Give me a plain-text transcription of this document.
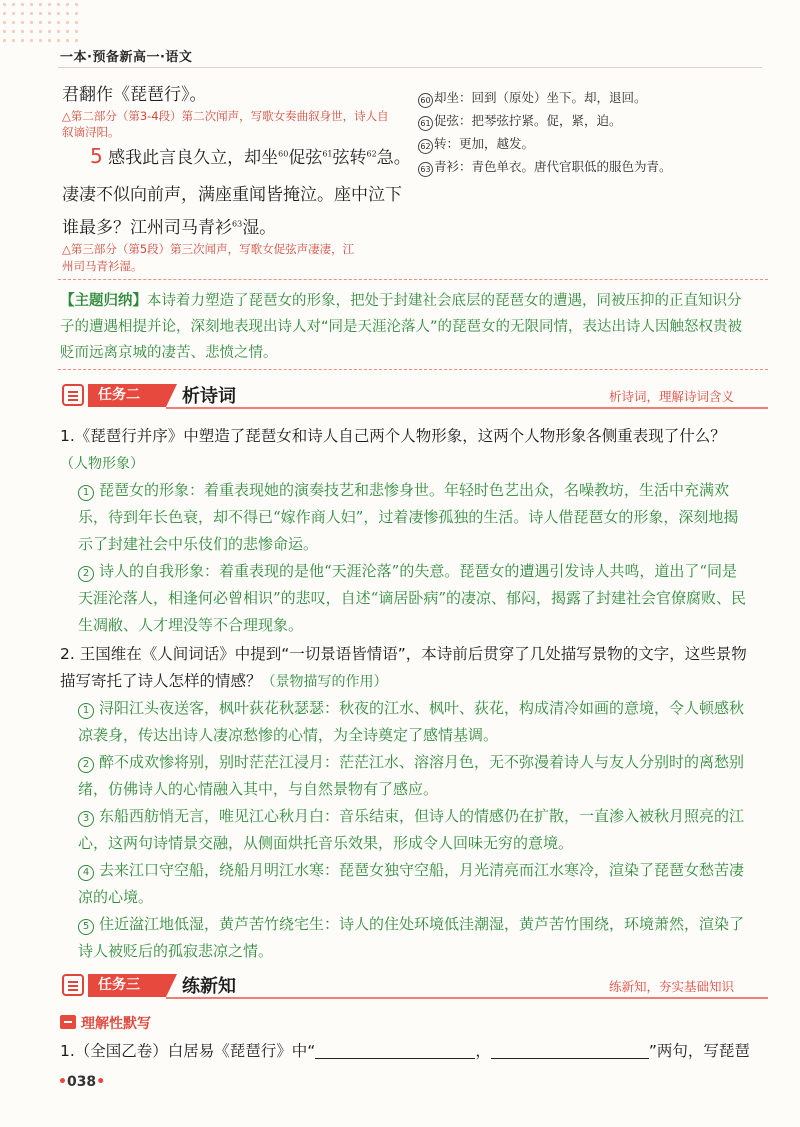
一本·预备新高一·语文
君翻作《琵琶行》。
△第二部分（第3-4段）第二次闻声，写歌女奏曲叙身世，诗人自叙谪浔阳。
5 感我此言良久立，却坐$^{60}$促弦$^{61}$弦转$^{62}$急。
凄凄不似向前声，满座重闻皆掩泣。座中泣下
谁最多？江州司马青衫$^{63}$湿。
△第三部分（第5段）第三次闻声，写歌女促弦声凄凄，江
州司马青衫湿。
60 却坐：回到（原处）坐下。却，退回。
61 促弦：把琴弦拧紧。促，紧，迫。
62 转：更加，越发。
63 青衫：青色单衣。唐代官职低的服色为青。
【主题归纳】本诗着力塑造了琵琶女的形象，把处于封建社会底层的琵琶女的遭遇，同被压抑的正直知识分子的遭遇相提并论，深刻地表现出诗人对“同是天涯沦落人”的琵琶女的无限同情，表达出诗人因触怒权贵被贬而远离京城的凄苦、悲愤之情。
任务二	析诗词	析诗词，理解诗词含义
1.《琵琶行并序》中塑造了琵琶女和诗人自己两个人物形象，这两个人物形象各侧重表现了什么？
（人物形象）
1 琵琶女的形象：着重表现她的演奏技艺和悲惨身世。年轻时色艺出众，名噪教坊，生活中充满欢乐，待到年长色衰，却不得已“嫁作商人妇”，过着凄惨孤独的生活。诗人借琵琶女的形象，深刻地揭示了封建社会中乐伎们的悲惨命运。
2 诗人的自我形象：着重表现的是他“天涯沦落”的失意。琵琶女的遭遇引发诗人共鸣，道出了“同是天涯沦落人，相逢何必曾相识”的悲叹，自述“谪居卧病”的凄凉、郁闷，揭露了封建社会官僚腐败、民生凋敝、人才埋没等不合理现象。
2. 王国维在《人间词话》中提到“一切景语皆情语”，本诗前后贯穿了几处描写景物的文字，这些景物描写寄托了诗人怎样的情感？（景物描写的作用）
1 浔阳江头夜送客，枫叶荻花秋瑟瑟：秋夜的江水、枫叶、荻花，构成清冷如画的意境，令人顿感秋凉袭身，传达出诗人凄凉愁惨的心情，为全诗奠定了感情基调。
2 醉不成欢惨将别，别时茫茫江浸月：茫茫江水、溶溶月色，无不弥漫着诗人与友人分别时的离愁别绪，仿佛诗人的心情融入其中，与自然景物有了感应。
3 东船西舫悄无言，唯见江心秋月白：音乐结束，但诗人的情感仍在扩散，一直渗入被秋月照亮的江心，这两句诗情景交融，从侧面烘托音乐效果，形成令人回味无穷的意境。
4 去来江口守空船，绕船月明江水寒：琵琶女独守空船，月光清亮而江水寒冷，渲染了琵琶女愁苦凄凉的心境。
5 住近湓江地低湿，黄芦苦竹绕宅生：诗人的住处环境低洼潮湿，黄芦苦竹围绕，环境萧然，渲染了诗人被贬后的孤寂悲凉之情。
任务三	练新知	练新知，夯实基础知识
理解性默写
1.（全国乙卷）白居易《琵琶行》中“	，	”两句，写琵琶
•038•
